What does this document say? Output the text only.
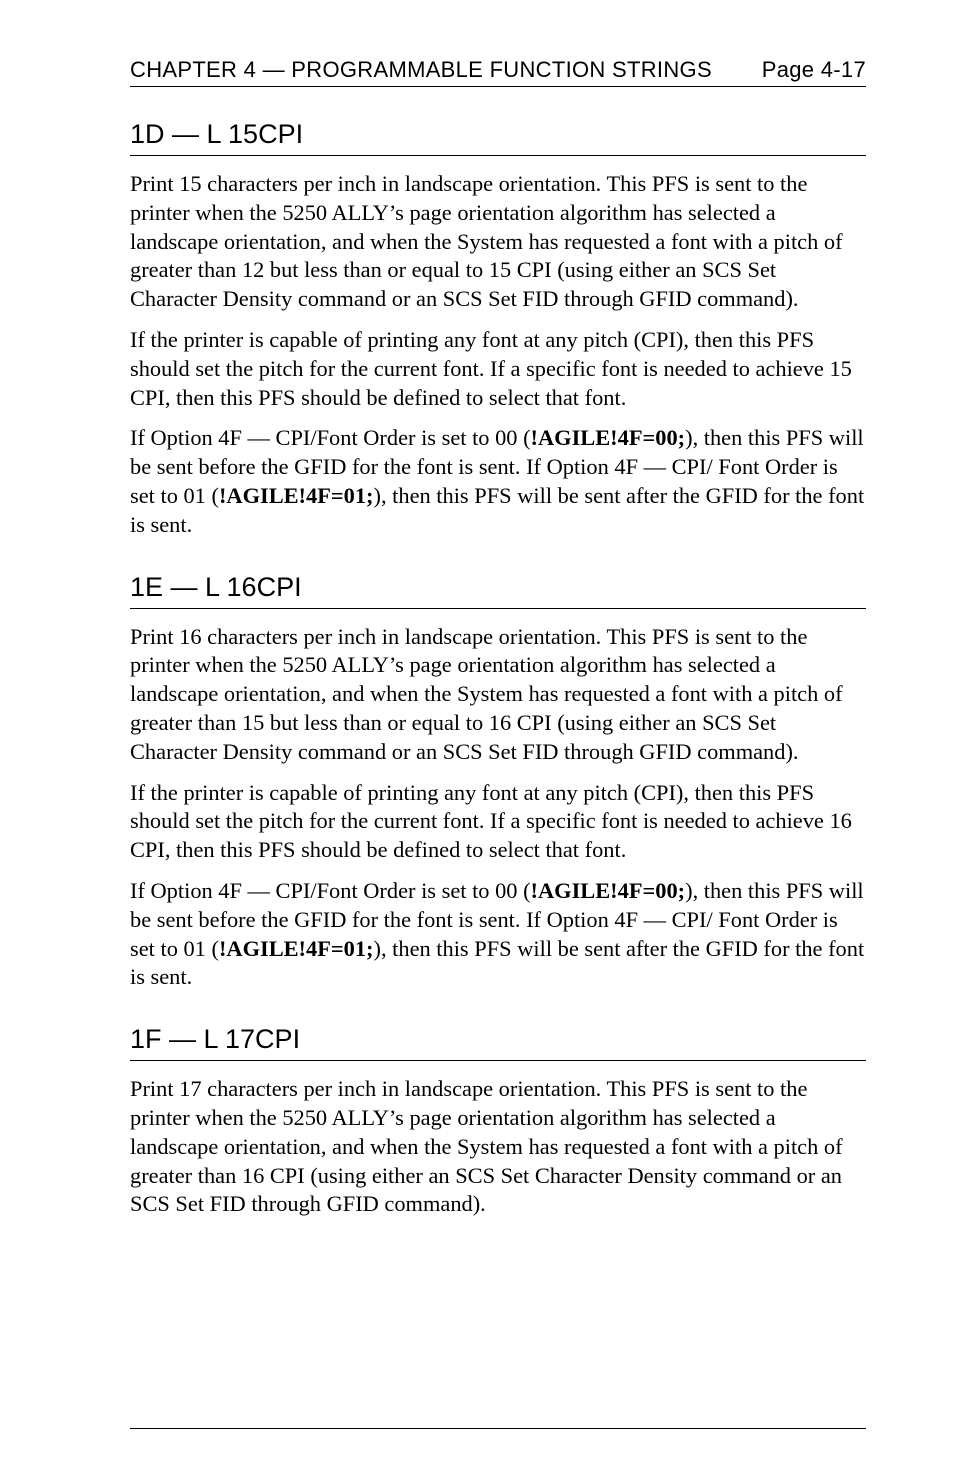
CHAPTER 4 — PROGRAMMABLE FUNCTION STRINGS Page 4-17
1D — L 15CPI

Print 15 characters per inch in landscape orientation. This PFS is sent to the printer when the 5250 ALLY’s page orientation algorithm has selected a landscape orientation, and when the System has requested a font with a pitch of greater than 12 but less than or equal to 15 CPI (using either an SCS Set Character Density command or an SCS Set FID through GFID command).

If the printer is capable of printing any font at any pitch (CPI), then this PFS should set the pitch for the current font. If a specific font is needed to achieve 15 CPI, then this PFS should be defined to select that font.

If Option 4F — CPI/Font Order is set to 00 (!AGILE!4F=00;), then this PFS will be sent before the GFID for the font is sent. If Option 4F — CPI/ Font Order is set to 01 (!AGILE!4F=01;), then this PFS will be sent after the GFID for the font is sent.

1E — L 16CPI

Print 16 characters per inch in landscape orientation. This PFS is sent to the printer when the 5250 ALLY’s page orientation algorithm has selected a landscape orientation, and when the System has requested a font with a pitch of greater than 15 but less than or equal to 16 CPI (using either an SCS Set Character Density command or an SCS Set FID through GFID command).

If the printer is capable of printing any font at any pitch (CPI), then this PFS should set the pitch for the current font. If a specific font is needed to achieve 16 CPI, then this PFS should be defined to select that font.

If Option 4F — CPI/Font Order is set to 00 (!AGILE!4F=00;), then this PFS will be sent before the GFID for the font is sent. If Option 4F — CPI/ Font Order is set to 01 (!AGILE!4F=01;), then this PFS will be sent after the GFID for the font is sent.

1F — L 17CPI

Print 17 characters per inch in landscape orientation. This PFS is sent to the printer when the 5250 ALLY’s page orientation algorithm has selected a landscape orientation, and when the System has requested a font with a pitch of greater than 16 CPI (using either an SCS Set Character Density command or an SCS Set FID through GFID command).
